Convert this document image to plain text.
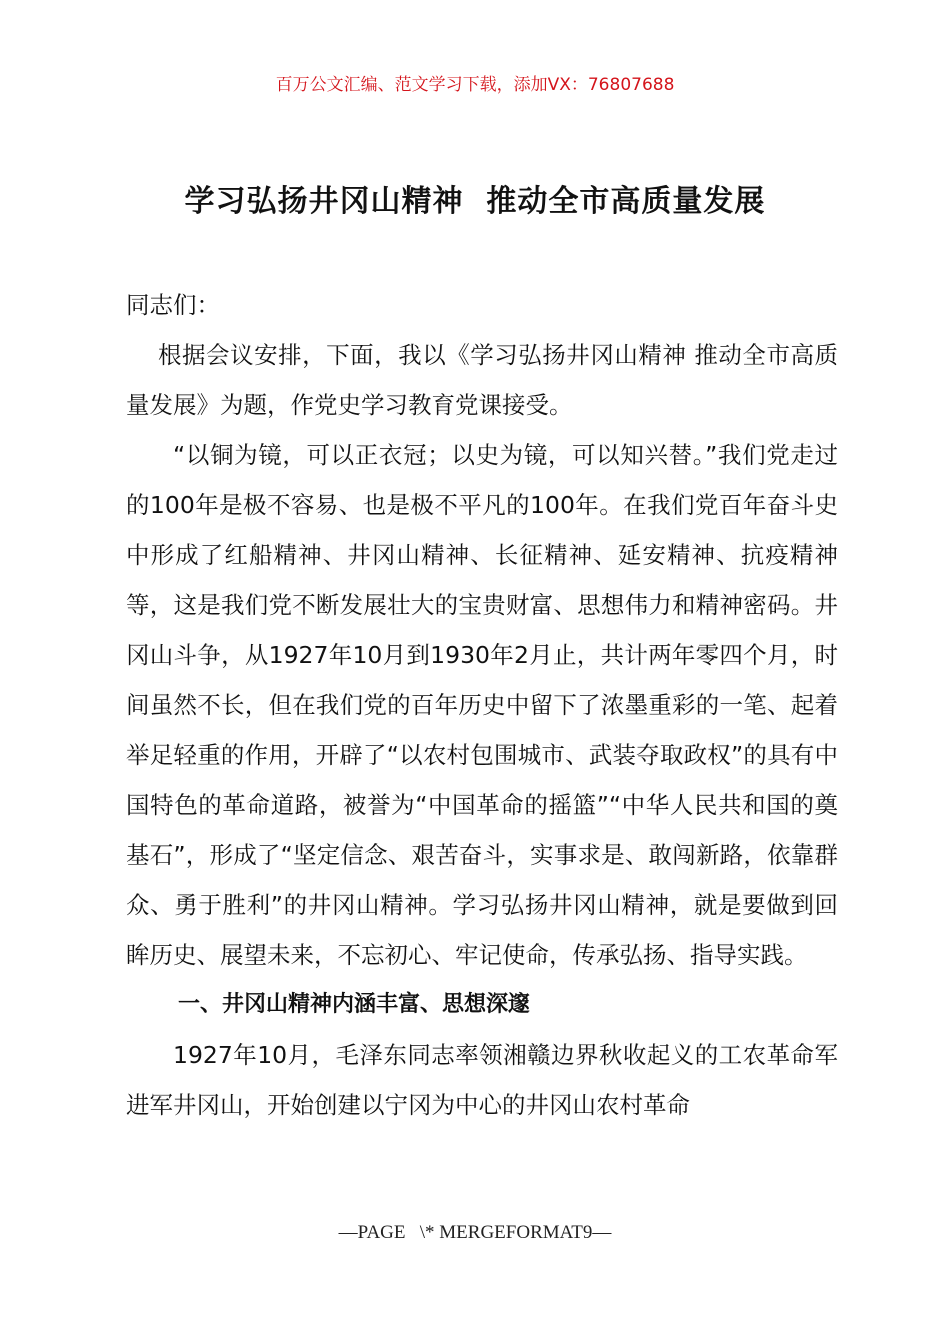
百万公文汇编、范文学习下载，添加VX：76807688
学习弘扬井冈山精神  推动全市高质量发展

同志们：

根据会议安排，下面，我以《学习弘扬井冈山精神 推动全市高质量发展》为题，作党史学习教育党课接受。

“以铜为镜，可以正衣冠；以史为镜，可以知兴替。”我们党走过的100年是极不容易、也是极不平凡的100年。在我们党百年奋斗史中形成了红船精神、井冈山精神、长征精神、延安精神、抗疫精神等，这是我们党不断发展壮大的宝贵财富、思想伟力和精神密码。井冈山斗争，从1927年10月到1930年2月止，共计两年零四个月，时间虽然不长，但在我们党的百年历史中留下了浓墨重彩的一笔、起着举足轻重的作用，开辟了“以农村包围城市、武装夺取政权”的具有中国特色的革命道路，被誉为“中国革命的摇篮”“中华人民共和国的奠基石”，形成了“坚定信念、艰苦奋斗，实事求是、敢闯新路，依靠群众、勇于胜利”的井冈山精神。学习弘扬井冈山精神，就是要做到回眸历史、展望未来，不忘初心、牢记使命，传承弘扬、指导实践。

一、井冈山精神内涵丰富、思想深邃

1927年10月，毛泽东同志率领湘赣边界秋收起义的工农革命军进军井冈山，开始创建以宁冈为中心的井冈山农村革命

—PAGE   \* MERGEFORMAT9—
